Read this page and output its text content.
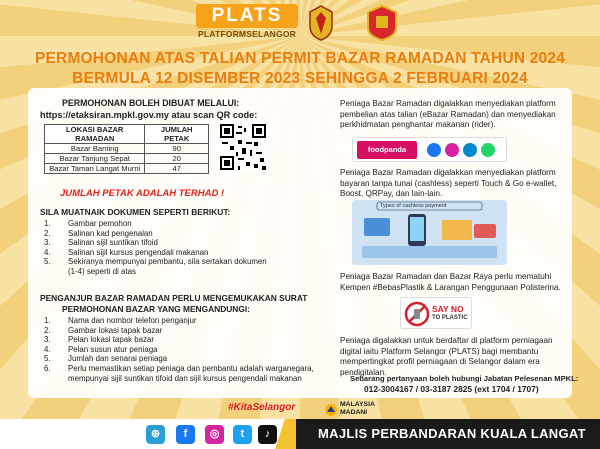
PLATS
PLATFORMSELANGOR
PERMOHONAN ATAS TALIAN PERMIT BAZAR RAMADAN TAHUN 2024
BERMULA 12 DISEMBER 2023 SEHINGGA 2 FEBRUARI 2024
PERMOHONAN BOLEH DIBUAT MELALUI:
https://etaksiran.mpkl.gov.my atau scan QR code:
LOKASI BAZAR RAMADAN	JUMLAH PETAK
Bazar Banting	90
Bazar Tanjung Sepat	20
Bazar Taman Langat Murni	47
JUMLAH PETAK ADALAH TERHAD !
SILA MUATNAIK DOKUMEN SEPERTI BERIKUT:
1.	Gambar pemohon
2.	Salinan kad pengenalan
3.	Salinan sijil suntikan tifoid
4.	Salinan sijil kursus pengendali makanan
5.	Sekiranya mempunyai pembantu, sila sertakan dokumen (1-4) seperti di atas
PENGANJUR BAZAR RAMADAN PERLU MENGEMUKAKAN SURAT
PERMOHONAN BAZAR YANG MENGANDUNGI:
1.	Nama dan nombor telefon penganjur
2.	Gambar lokasi tapak bazar
3.	Pelan lokasi tapak bazar
4.	Pelan susun atur peniaga
5.	Jumlah dan senarai peniaga
6.	Perlu memastikan setiap peniaga dan pembantu adalah warganegara, mempunyai sijil suntikan tifoid dan sijil kursus pengendali makanan
Peniaga Bazar Ramadan digalakkan menyediakan platform pembelian atas talian (eBazar Ramadan) dan menyediakan perkhidmatan penghantar makanan (rider).
foodpanda
Peniaga Bazar Ramadan digalakkan menyediakan platform bayaran tanpa tunai (cashless) seperti Touch & Go e-wallet, Boost, QRPay, dan lain-lain.
Types of cashless payment
Peniaga Bazar Ramadan dan Bazar Raya perlu mematuhi Kempen #BebasPlastik & Larangan Penggunaan Polisterina.
SAY NO
TO PLASTIC
Peniaga digalakkan untuk berdaftar di platform perniagaan digital iaitu Platform Selangor (PLATS) bagi membantu mempertingkat profil perniagaan di Selangor dalam era pendigitalan.
Sebarang pertanyaan boleh hubungi Jabatan Pelesenan MPKL:
012-3004167 / 03-3187 2825 (ext 1704 / 1707)
#KitaSelangor	MALAYSIA
MADANI
⊕	f	◎	t	♪	MAJLIS PERBANDARAN KUALA LANGAT
